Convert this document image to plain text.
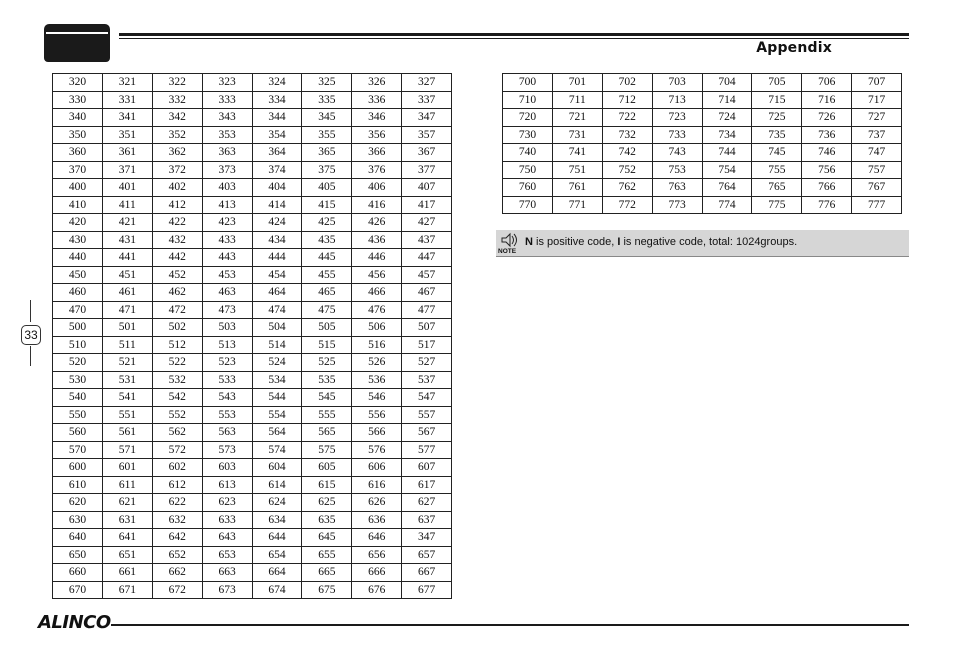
Appendix
33
320	321	322	323	324	325	326	327
330	331	332	333	334	335	336	337
340	341	342	343	344	345	346	347
350	351	352	353	354	355	356	357
360	361	362	363	364	365	366	367
370	371	372	373	374	375	376	377
400	401	402	403	404	405	406	407
410	411	412	413	414	415	416	417
420	421	422	423	424	425	426	427
430	431	432	433	434	435	436	437
440	441	442	443	444	445	446	447
450	451	452	453	454	455	456	457
460	461	462	463	464	465	466	467
470	471	472	473	474	475	476	477
500	501	502	503	504	505	506	507
510	511	512	513	514	515	516	517
520	521	522	523	524	525	526	527
530	531	532	533	534	535	536	537
540	541	542	543	544	545	546	547
550	551	552	553	554	555	556	557
560	561	562	563	564	565	566	567
570	571	572	573	574	575	576	577
600	601	602	603	604	605	606	607
610	611	612	613	614	615	616	617
620	621	622	623	624	625	626	627
630	631	632	633	634	635	636	637
640	641	642	643	644	645	646	347
650	651	652	653	654	655	656	657
660	661	662	663	664	665	666	667
670	671	672	673	674	675	676	677
700	701	702	703	704	705	706	707
710	711	712	713	714	715	716	717
720	721	722	723	724	725	726	727
730	731	732	733	734	735	736	737
740	741	742	743	744	745	746	747
750	751	752	753	754	755	756	757
760	761	762	763	764	765	766	767
770	771	772	773	774	775	776	777
NOTE
N is positive code, I is negative code, total: 1024groups.
ALINCO
